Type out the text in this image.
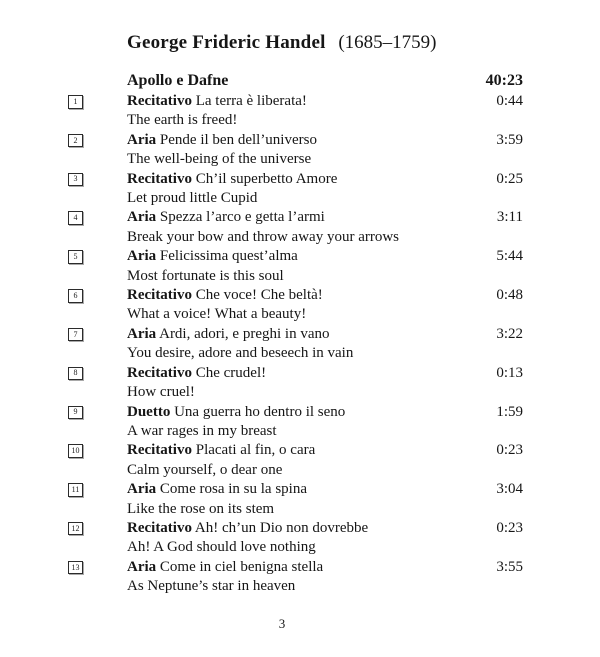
George Frideric Handel (1685–1759)
Apollo e Dafne	40:23
1	Recitativo La terra è liberata!	0:44
The earth is freed!
2	Aria Pende il ben dell’universo	3:59
The well-being of the universe
3	Recitativo Ch’il superbetto Amore	0:25
Let proud little Cupid
4	Aria Spezza l’arco e getta l’armi	3:11
Break your bow and throw away your arrows
5	Aria Felicissima quest’alma	5:44
Most fortunate is this soul
6	Recitativo Che voce! Che beltà!	0:48
What a voice! What a beauty!
7	Aria Ardi, adori, e preghi in vano	3:22
You desire, adore and beseech in vain
8	Recitativo Che crudel!	0:13
How cruel!
9	Duetto Una guerra ho dentro il seno	1:59
A war rages in my breast
10	Recitativo Placati al fin, o cara	0:23
Calm yourself, o dear one
11	Aria Come rosa in su la spina	3:04
Like the rose on its stem
12	Recitativo Ah! ch’un Dio non dovrebbe	0:23
Ah! A God should love nothing
13	Aria Come in ciel benigna stella	3:55
As Neptune’s star in heaven
3
